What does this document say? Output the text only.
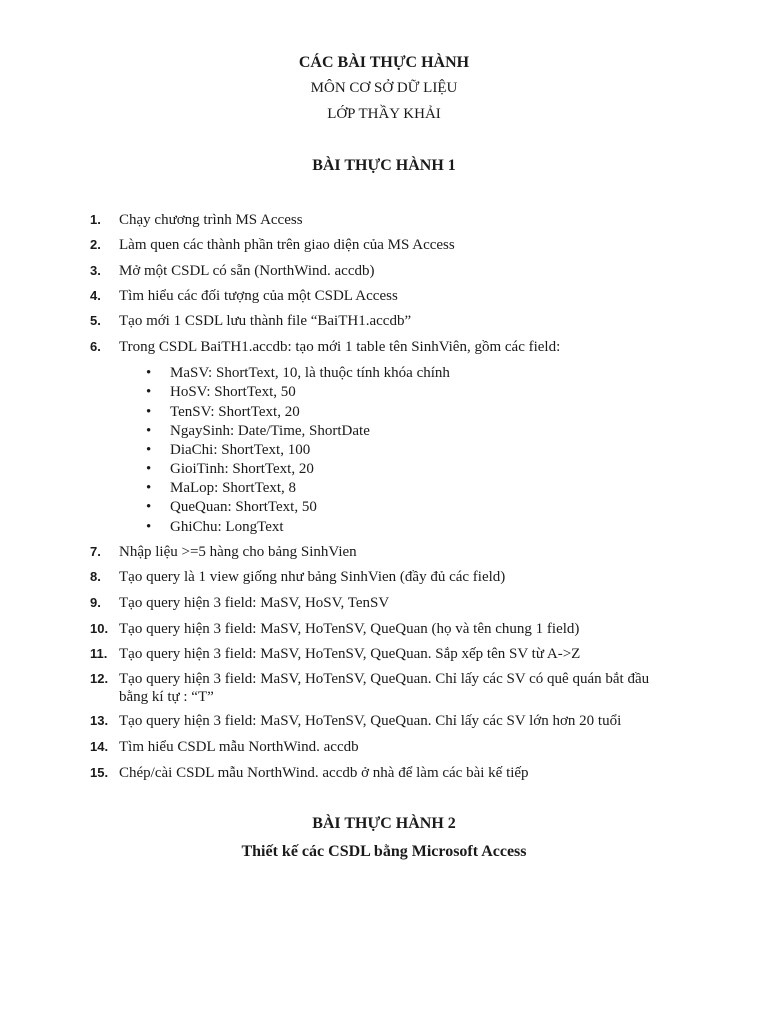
CÁC BÀI THỰC HÀNH
MÔN CƠ SỞ DỮ LIỆU
LỚP THẦY KHẢI
BÀI THỰC HÀNH 1
1.	Chạy chương trình MS Access
2.	Làm quen các thành phần trên giao diện của MS Access
3.	Mở một CSDL có sẵn (NorthWind. accdb)
4.	Tìm hiểu các đối tượng của một CSDL Access
5.	Tạo mới 1 CSDL lưu thành file “BaiTH1.accdb”
6.	Trong CSDL BaiTH1.accdb: tạo mới 1 table tên SinhViên, gồm các field:
7.	Nhập liệu >=5 hàng cho bảng SinhVien
8.	Tạo query là 1 view giống như bảng SinhVien (đầy đủ các field)
9.	Tạo query hiện 3 field: MaSV, HoSV, TenSV
10. Tạo query hiện 3 field: MaSV, HoTenSV, QueQuan (họ và tên chung 1 field)
11. Tạo query hiện 3 field: MaSV, HoTenSV, QueQuan. Sắp xếp tên SV từ A->Z
12. Tạo query hiện 3 field: MaSV, HoTenSV, QueQuan. Chỉ lấy các SV có quê quán bắt đầu bằng kí tự : “T”
13. Tạo query hiện 3 field: MaSV, HoTenSV, QueQuan. Chỉ lấy các SV lớn hơn 20 tuổi
14. Tìm hiểu CSDL mẫu NorthWind. accdb
15. Chép/cài CSDL mẫu NorthWind. accdb ở nhà để làm các bài kế tiếp
•	MaSV: ShortText, 10, là thuộc tính khóa chính
•	HoSV: ShortText, 50
•	TenSV: ShortText, 20
•	NgaySinh: Date/Time, ShortDate
•	DiaChi: ShortText, 100
•	GioiTinh: ShortText, 20
•	MaLop: ShortText, 8
•	QueQuan: ShortText, 50
•	GhiChu: LongText
BÀI THỰC HÀNH 2
Thiết kế các CSDL bằng Microsoft Access
